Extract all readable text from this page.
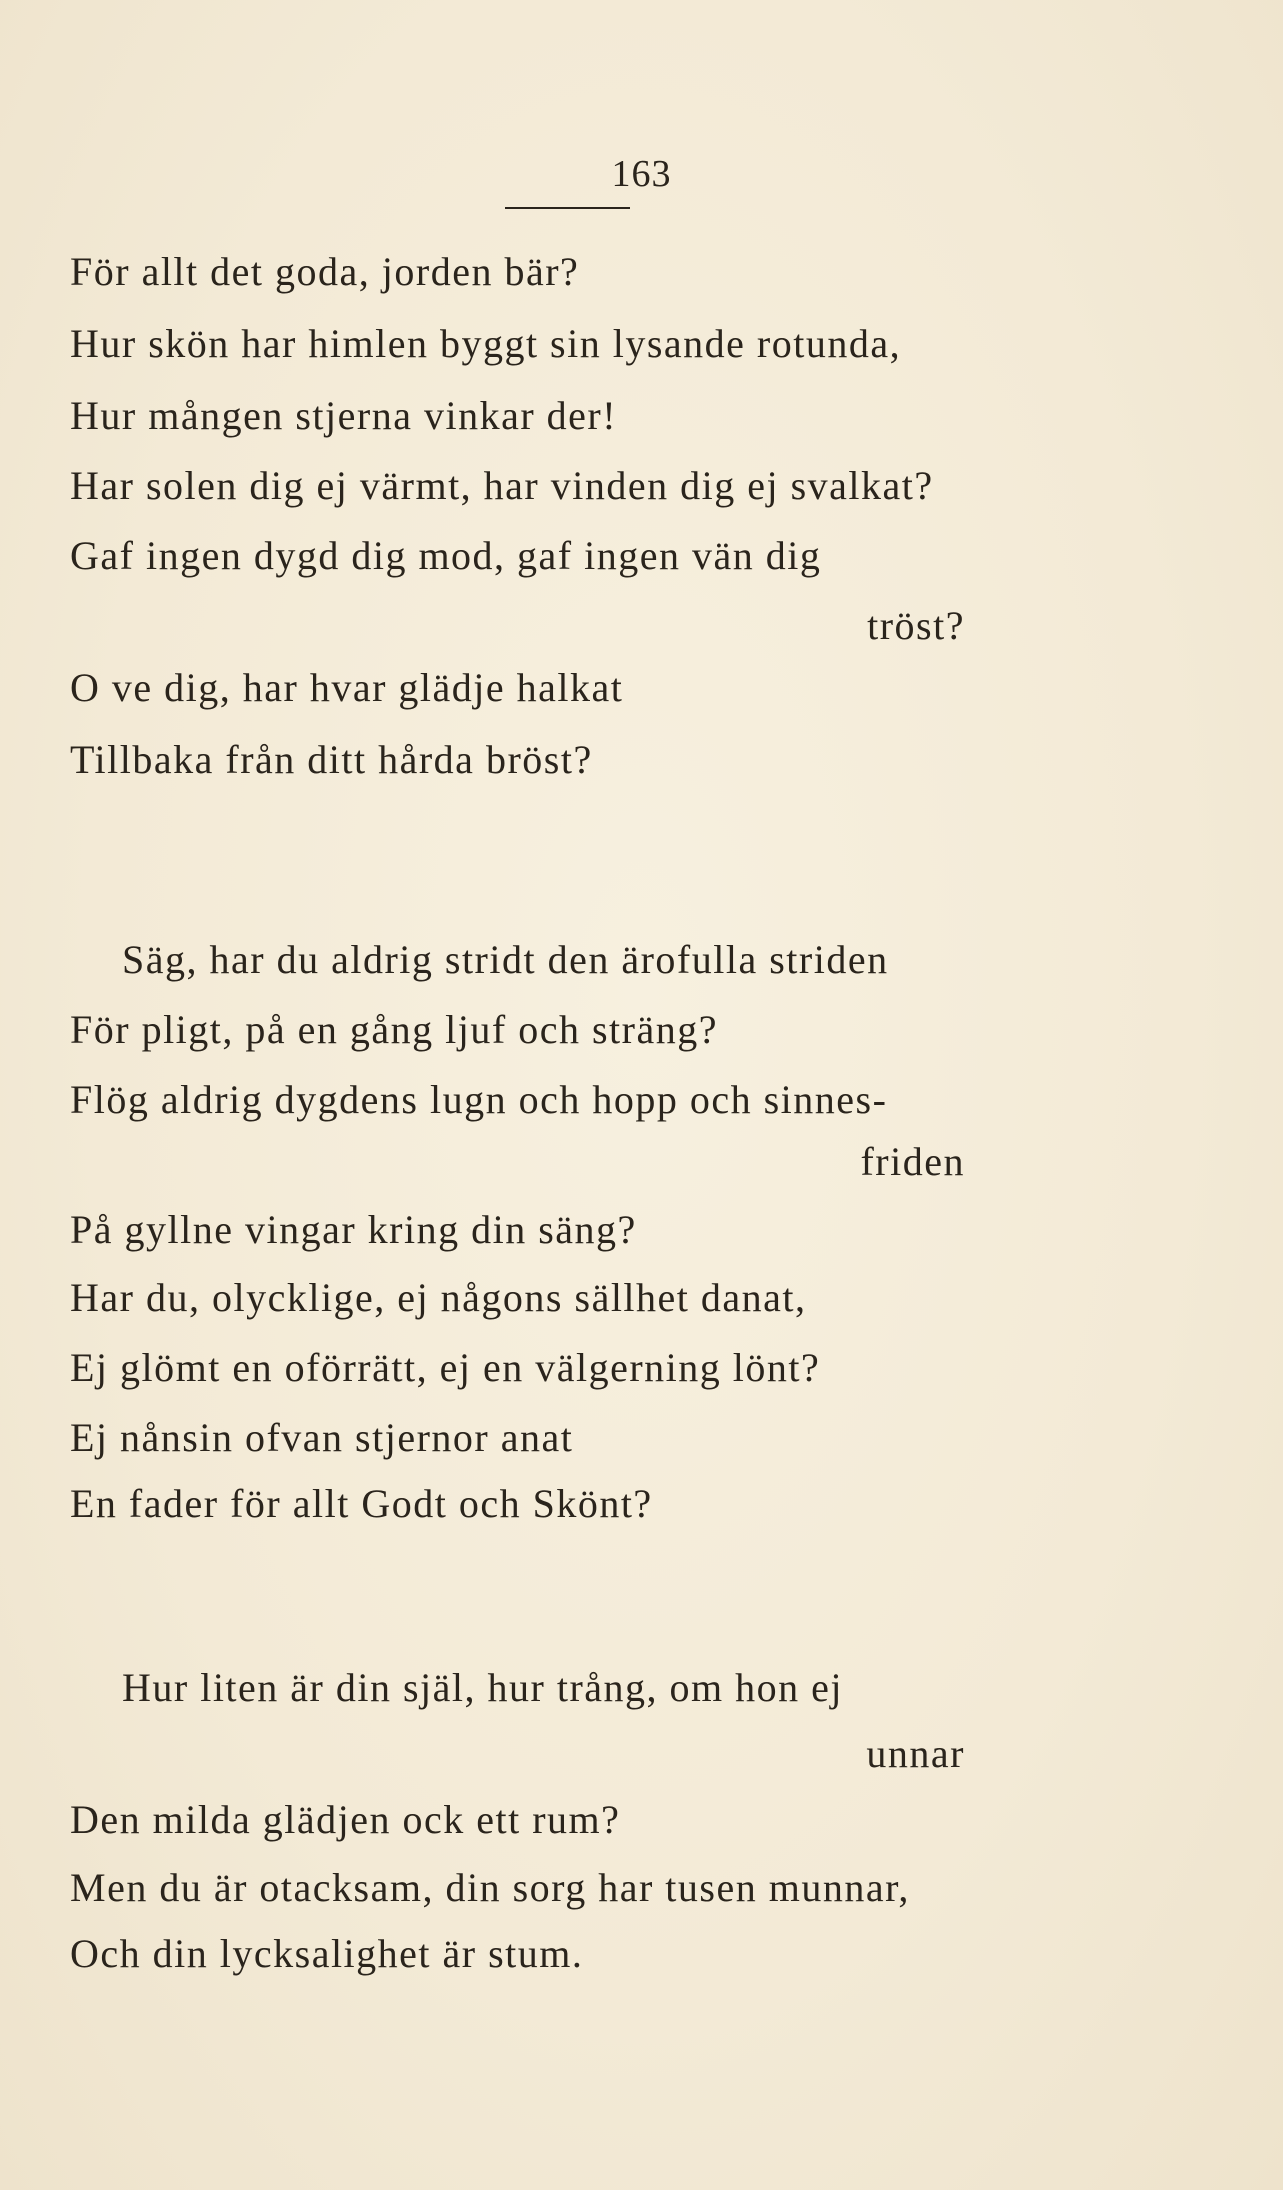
163
För allt det goda, jorden bär?
Hur skön har himlen byggt sin lysande rotunda,
Hur mången stjerna vinkar der!
Har solen dig ej värmt, har vinden dig ej svalkat?
Gaf ingen dygd dig mod, gaf ingen vän dig
tröst?
O ve dig, har hvar glädje halkat
Tillbaka från ditt hårda bröst?
Säg, har du aldrig stridt den ärofulla striden
För pligt, på en gång ljuf och sträng?
Flög aldrig dygdens lugn och hopp och sinnes-
friden
På gyllne vingar kring din säng?
Har du, olycklige, ej någons sällhet danat,
Ej glömt en oförrätt, ej en välgerning lönt?
Ej nånsin ofvan stjernor anat
En fader för allt Godt och Skönt?
Hur liten är din själ, hur trång, om hon ej
unnar
Den milda glädjen ock ett rum?
Men du är otacksam, din sorg har tusen munnar,
Och din lycksalighet är stum.
